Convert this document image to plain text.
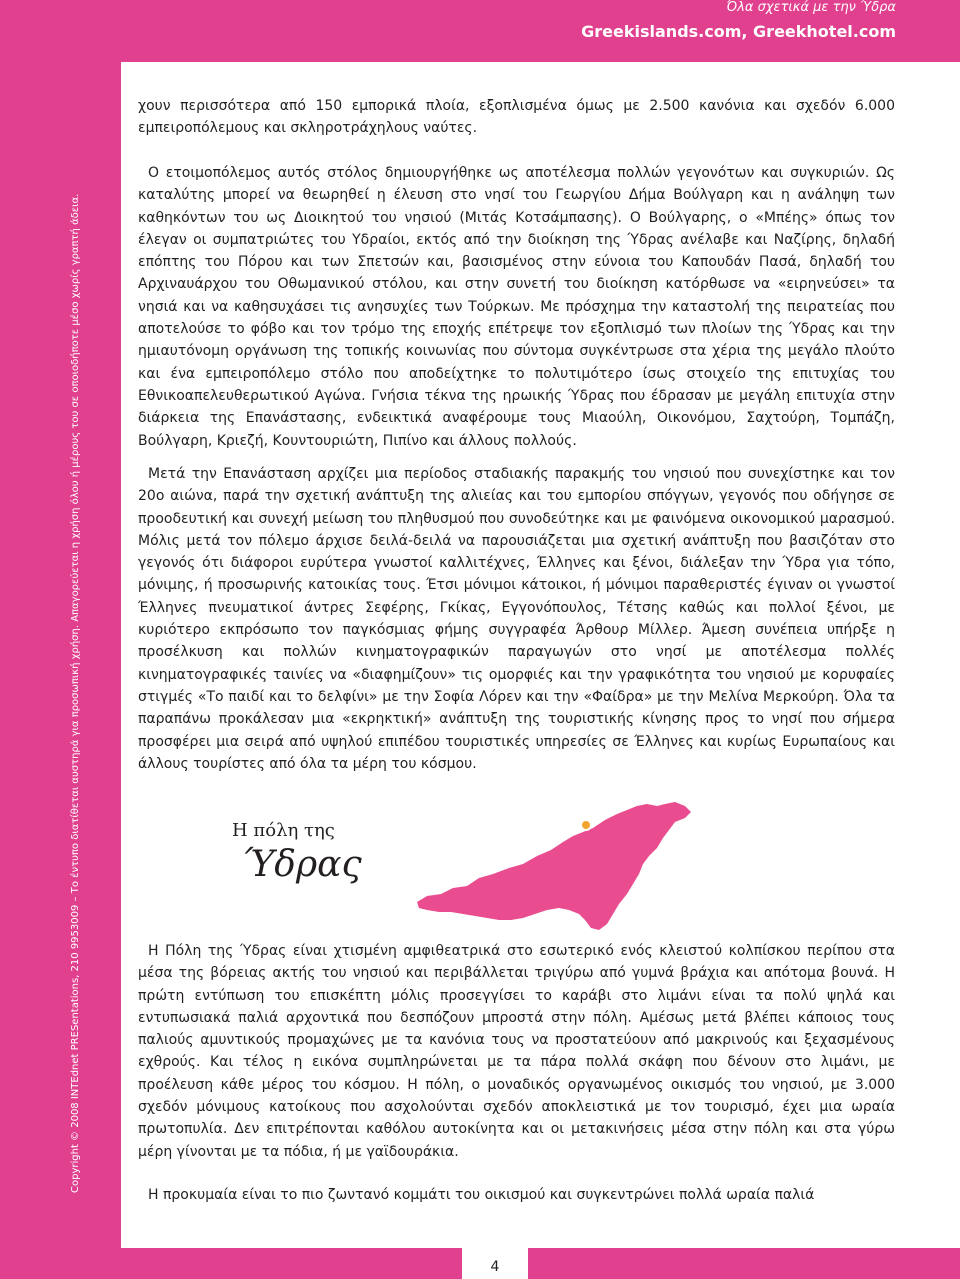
4
Όλα σχετικά με την Ύδρα
Greekislands.com, Greekhotel.com
Copyright © 2008 INTEdnet PRESentations, 210 9953009 – Το έντυπο διατίθεται αυστηρά για προσωπική χρήση. Απαγορεύεται η χρήση όλου ή μέρους του σε οποιοδήποτε μέσο χωρίς γραπτή άδεια.

χουν περισσότερα από 150 εμπορικά πλοία, εξοπλισμένα όμως με 2.500 κανόνια και σχεδόν 6.000 εμπειροπόλεμους και σκληροτράχηλους ναύτες.

Ο ετοιμοπόλεμος αυτός στόλος δημιουργήθηκε ως αποτέλεσμα πολλών γεγονότων και συγκυριών. Ως καταλύτης μπορεί να θεωρηθεί η έλευση στο νησί του Γεωργίου Δήμα Βούλγαρη και η ανάληψη των καθηκόντων του ως Διοικητού του νησιού (Μιτάς Κοτσάμπασης). Ο Βούλγαρης, ο «Μπέης» όπως τον έλεγαν οι συμπατριώτες του Υδραίοι, εκτός από την διοίκηση της Ύδρας ανέλαβε και Ναζίρης, δηλαδή επόπτης του Πόρου και των Σπετσών και, βασισμένος στην εύνοια του Καπουδάν Πασά, δηλαδή του Αρχιναυάρχου του Οθωμανικού στόλου, και στην συνετή του διοίκηση κατόρθωσε να «ειρηνεύσει» τα νησιά και να καθησυχάσει τις ανησυχίες των Τούρκων. Με πρόσχημα την καταστολή της πειρατείας που αποτελούσε το φόβο και τον τρόμο της εποχής επέτρεψε τον εξοπλισμό των πλοίων της Ύδρας και την ημιαυτόνομη οργάνωση της τοπικής κοινωνίας που σύντομα συγκέντρωσε στα χέρια της μεγάλο πλούτο και ένα εμπειροπόλεμο στόλο που αποδείχτηκε το πολυτιμότερο ίσως στοιχείο της επιτυχίας του Εθνικοαπελευθερωτικού Αγώνα. Γνήσια τέκνα της ηρωικής Ύδρας που έδρασαν με μεγάλη επιτυχία στην διάρκεια της Επανάστασης, ενδεικτικά αναφέρουμε τους Μιαούλη, Οικονόμου, Σαχτούρη, Τομπάζη, Βούλγαρη, Κριεζή, Κουντουριώτη, Πιπίνο και άλλους πολλούς.

Μετά την Επανάσταση αρχίζει μια περίοδος σταδιακής παρακμής του νησιού που συνεχίστηκε και τον 20ο αιώνα, παρά την σχετική ανάπτυξη της αλιείας και του εμπορίου σπόγγων, γεγονός που οδήγησε σε προοδευτική και συνεχή μείωση του πληθυσμού που συνοδεύτηκε και με φαινόμενα οικονομικού μαρασμού. Μόλις μετά τον πόλεμο άρχισε δειλά-δειλά να παρουσιάζεται μια σχετική ανάπτυξη που βασιζόταν στο γεγονός ότι διάφοροι ευρύτερα γνωστοί καλλιτέχνες, Έλληνες και ξένοι, διάλεξαν την Ύδρα για τόπο, μόνιμης, ή προσωρινής κατοικίας τους. Έτσι μόνιμοι κάτοικοι, ή μόνιμοι παραθεριστές έγιναν οι γνωστοί Έλληνες πνευματικοί άντρες Σεφέρης, Γκίκας, Εγγονόπουλος, Τέτσης καθώς και πολλοί ξένοι, με κυριότερο εκπρόσωπο τον παγκόσμιας φήμης συγγραφέα Άρθουρ Μίλλερ. Άμεση συνέπεια υπήρξε η προσέλκυση και πολλών κινηματογραφικών παραγωγών στο νησί με αποτέλεσμα πολλές κινηματογραφικές ταινίες να «διαφημίζουν» τις ομορφιές και την γραφικότητα του νησιού με κορυφαίες στιγμές «Το παιδί και το δελφίνι» με την Σοφία Λόρεν και την «Φαίδρα» με την Μελίνα Μερκούρη. Όλα τα παραπάνω προκάλεσαν μια «εκρηκτική» ανάπτυξη της τουριστικής κίνησης προς το νησί που σήμερα προσφέρει μια σειρά από υψηλού επιπέδου τουριστικές υπηρεσίες σε Έλληνες και κυρίως Ευρωπαίους και άλλους τουρίστες από όλα τα μέρη του κόσμου.

Η πόλη της
Ύδρας

Η Πόλη της Ύδρας είναι χτισμένη αμφιθεατρικά στο εσωτερικό ενός κλειστού κολπίσκου περίπου στα μέσα της βόρειας ακτής του νησιού και περιβάλλεται τριγύρω από γυμνά βράχια και απότομα βουνά. Η πρώτη εντύπωση του επισκέπτη μόλις προσεγγίσει το καράβι στο λιμάνι είναι τα πολύ ψηλά και εντυπωσιακά παλιά αρχοντικά που δεσπόζουν μπροστά στην πόλη. Αμέσως μετά βλέπει κάποιος τους παλιούς αμυντικούς προμαχώνες με τα κανόνια τους να προστατεύουν από μακρινούς και ξεχασμένους εχθρούς. Και τέλος η εικόνα συμπληρώνεται με τα πάρα πολλά σκάφη που δένουν στο λιμάνι, με προέλευση κάθε μέρος του κόσμου. Η πόλη, ο μοναδικός οργανωμένος οικισμός του νησιού, με 3.000 σχεδόν μόνιμους κατοίκους που ασχολούνται σχεδόν αποκλειστικά με τον τουρισμό, έχει μια ωραία πρωτοπυλία. Δεν επιτρέπονται καθόλου αυτοκίνητα και οι μετακινήσεις μέσα στην πόλη και στα γύρω μέρη γίνονται με τα πόδια, ή με γαϊδουράκια.

Η προκυμαία είναι το πιο ζωντανό κομμάτι του οικισμού και συγκεντρώνει πολλά ωραία παλιά
